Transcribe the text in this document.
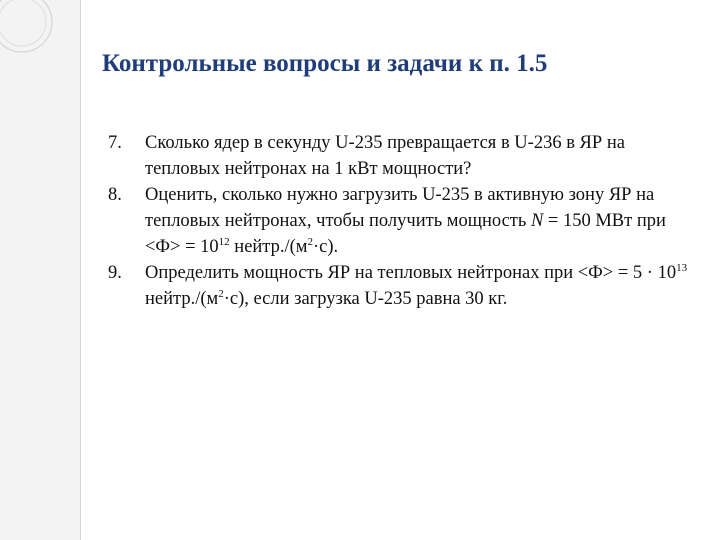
Контрольные вопросы и задачи к п. 1.5
7. Сколько ядер в секунду U-235 превращается в U-236 в ЯР на тепловых нейтронах на 1 кВт мощности?
8. Оценить, сколько нужно загрузить U-235 в активную зону ЯР на тепловых нейтронах, чтобы получить мощность N = 150 МВт при $<Ф> = 10^{12}$ $нейтр./(м^2\cdot с)$.
9. Определить мощность ЯР на тепловых нейтронах при $<Ф> = 5 \cdot 10^{13}$ $нейтр./(м^2\cdot с)$, если загрузка U-235 равна 30 кг.
